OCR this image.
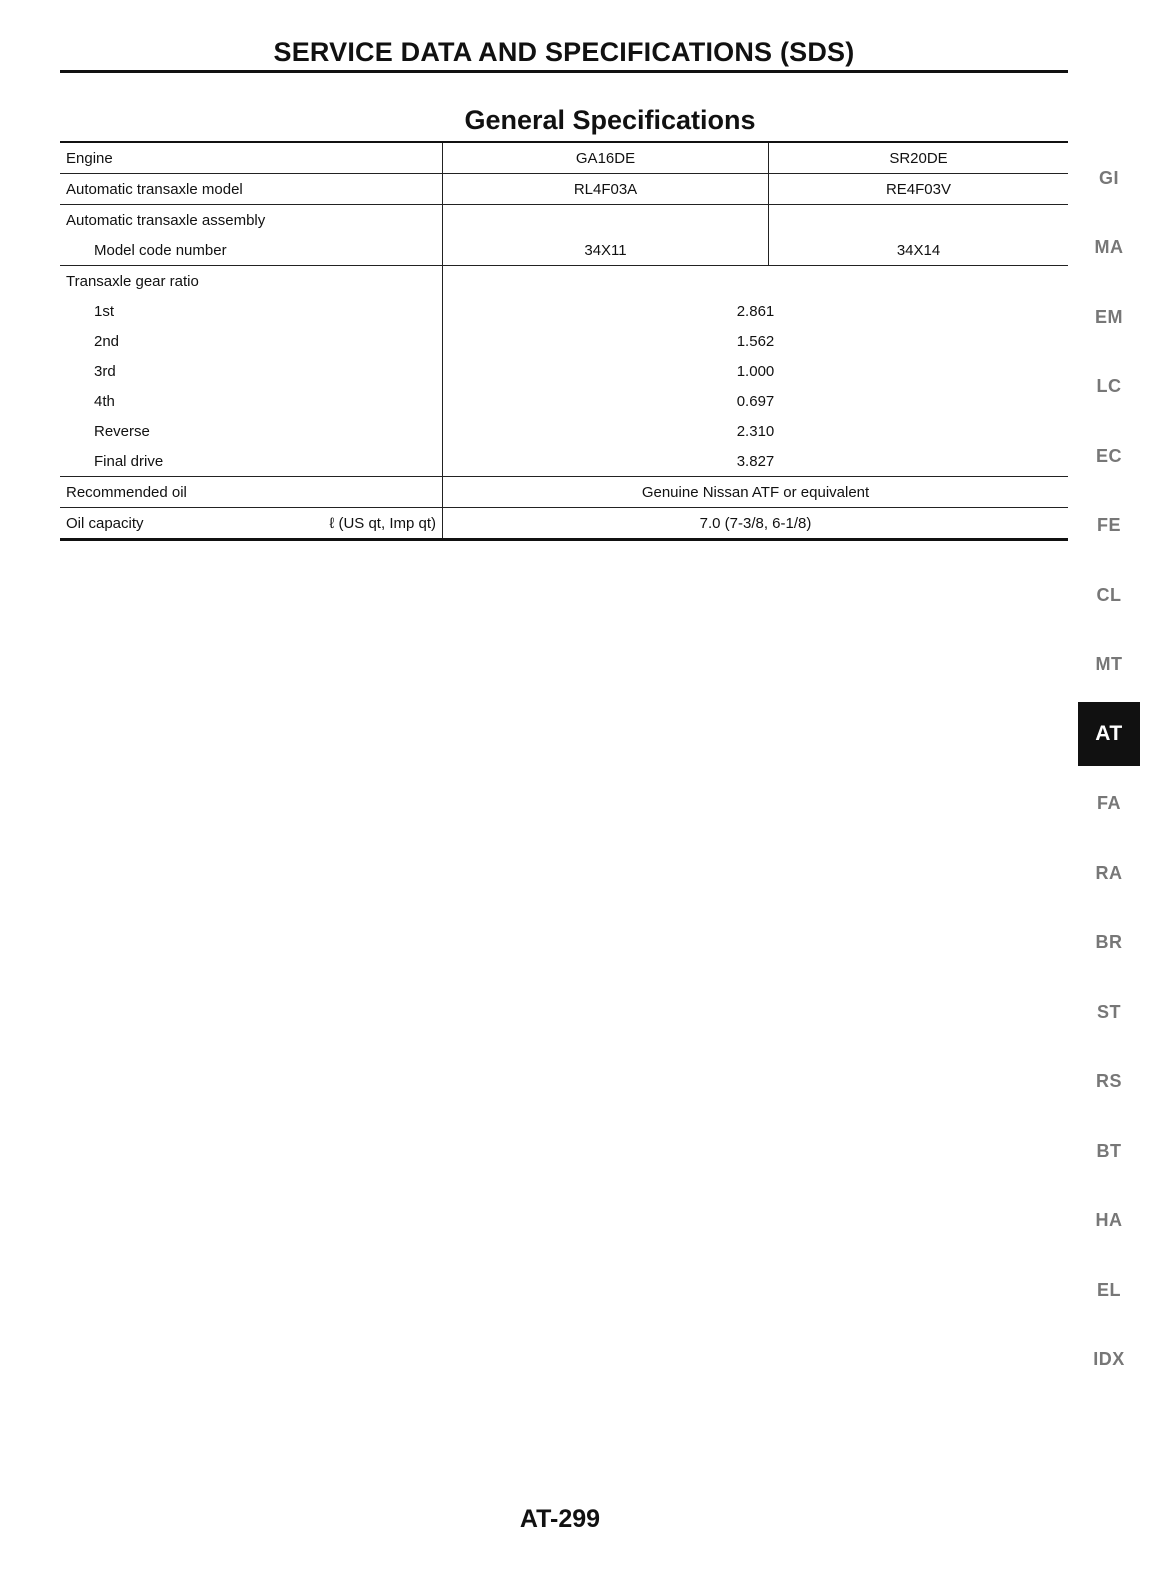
SERVICE DATA AND SPECIFICATIONS (SDS)
General Specifications
Engine	GA16DE	SR20DE
Automatic transaxle model	RL4F03A	RE4F03V
Automatic transaxle assembly		
Model code number	34X11	34X14
Transaxle gear ratio		
1st	2.861	
2nd	1.562	
3rd	1.000	
4th	0.697	
Reverse	2.310	
Final drive	3.827	
Recommended oil	Genuine Nissan ATF or equivalent	
Oil capacity ℓ (US qt, Imp qt)	7.0 (7-3/8, 6-1/8)	
GI
MA
EM
LC
EC
FE
CL
MT
AT
FA
RA
BR
ST
RS
BT
HA
EL
IDX
AT-299
